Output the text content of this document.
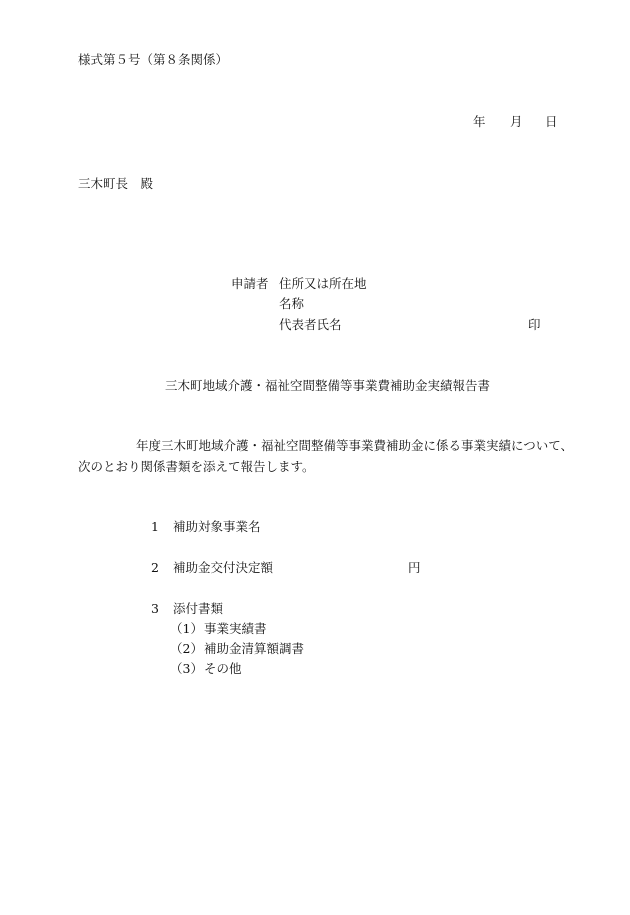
様式第５号（第８条関係）
年 月 日
三木町長　殿
申請者 住所又は所在地
名称
代表者氏名	印
三木町地域介護・福祉空間整備等事業費補助金実績報告書
年度三木町地域介護・福祉空間整備等事業費補助金に係る事業実績について、
次のとおり関係書類を添えて報告します。
1 補助対象事業名
2 補助金交付決定額	円
3 添付書類
（1）事業実績書
（2）補助金清算額調書
（3）その他
